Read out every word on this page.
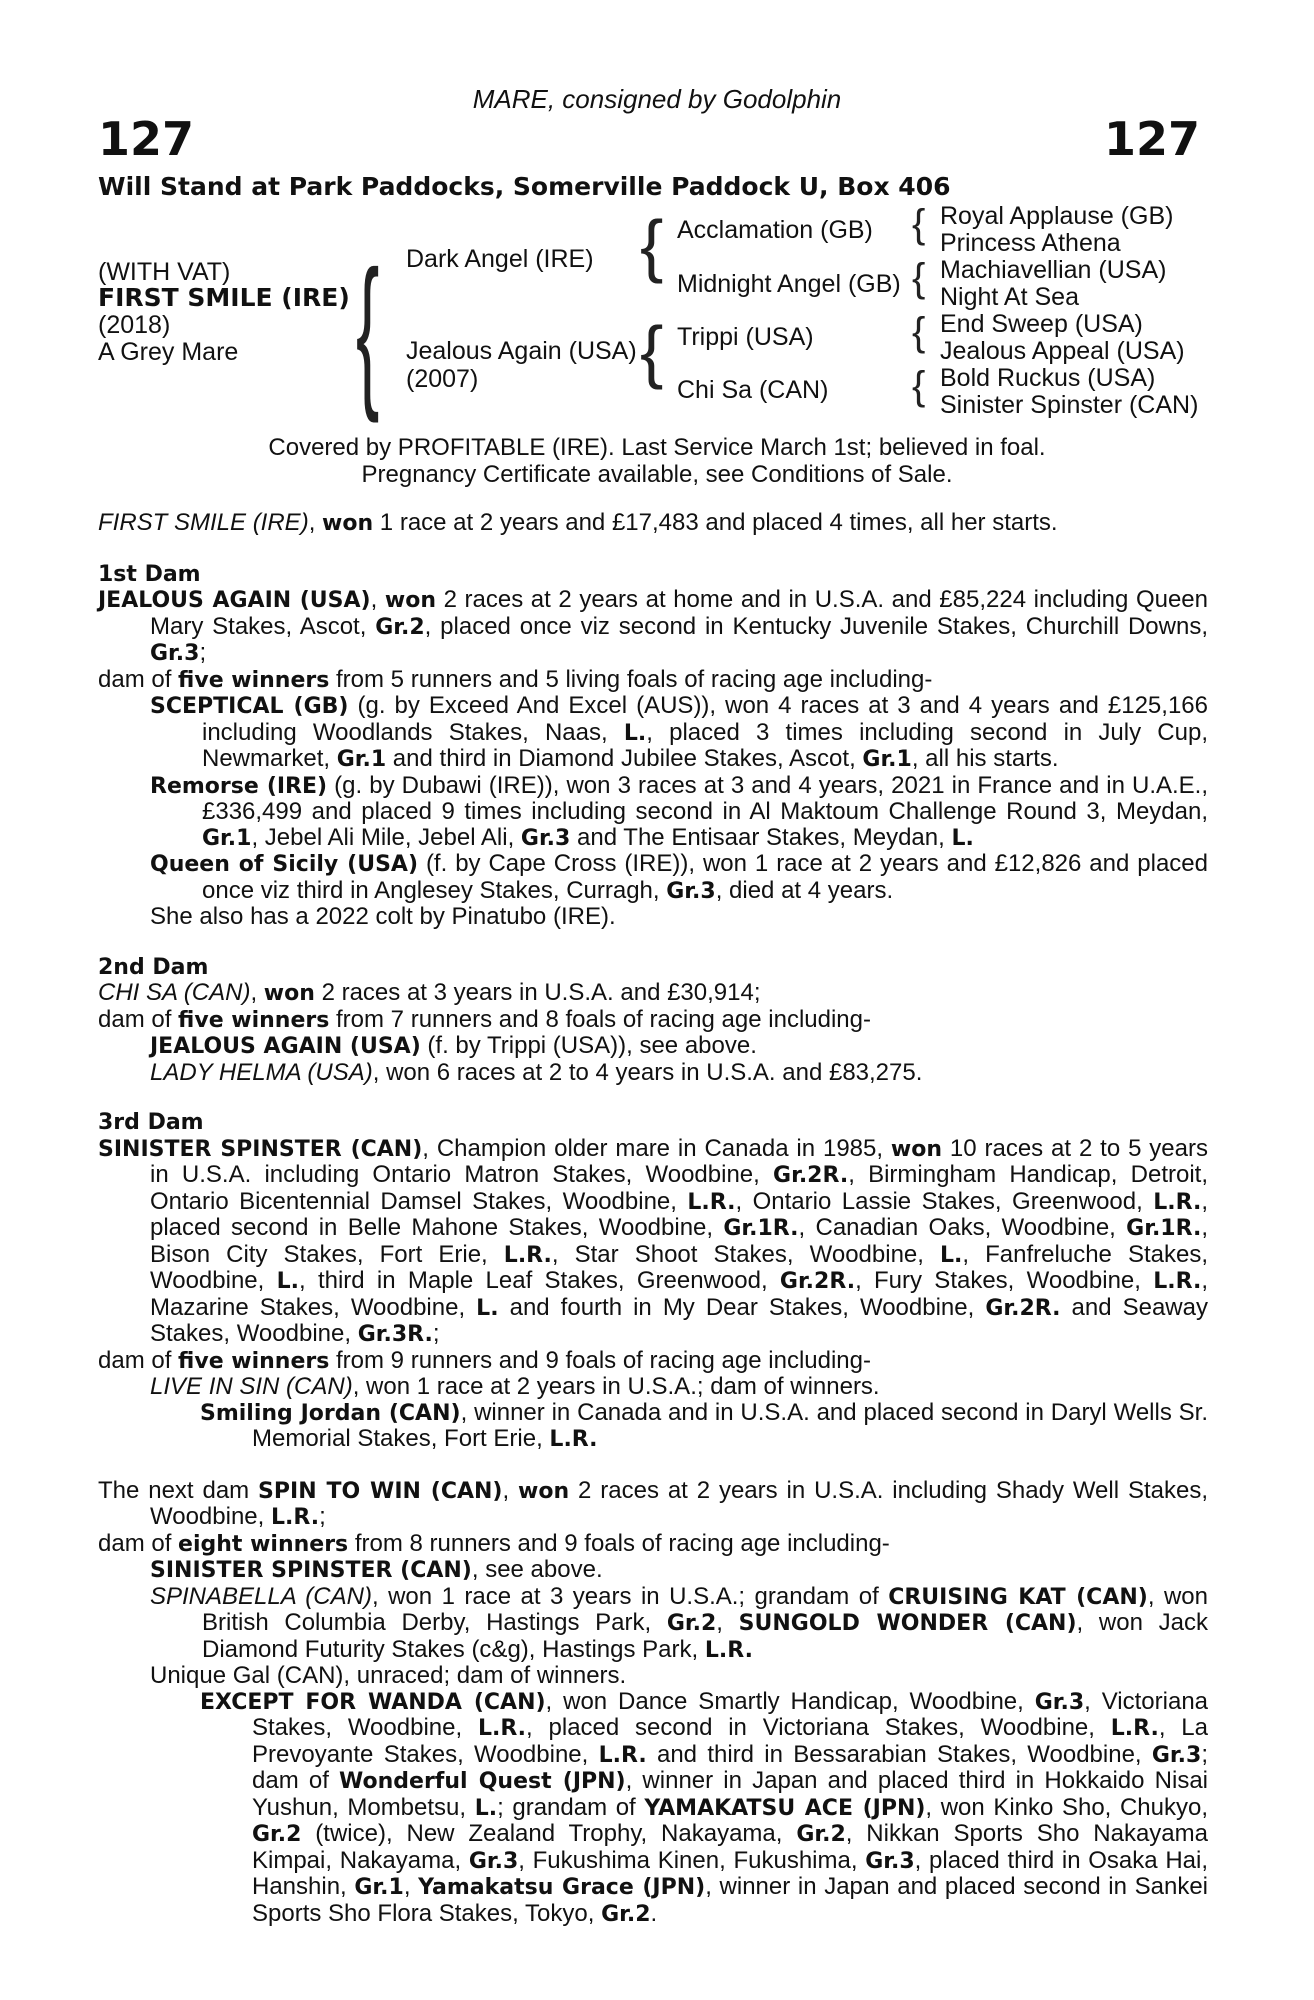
127	127
MARE, consigned by Godolphin
Will Stand at Park Paddocks, Somerville Paddock U, Box 406
(WITH VAT)
FIRST SMILE (IRE)
(2018)
A Grey Mare { Dark Angel (IRE)
Jealous Again (USA)
(2007)
{
{
Acclamation (GB)
Midnight Angel (GB)
Trippi (USA)
Chi Sa (CAN)
{
{
{
{
Royal Applause (GB)
Princess Athena
Machiavellian (USA)
Night At Sea
End Sweep (USA)
Jealous Appeal (USA)
Bold Ruckus (USA)
Sinister Spinster (CAN)
Covered by PROFITABLE (IRE). Last Service March 1st; believed in foal.
Pregnancy Certificate available, see Conditions of Sale.

FIRST SMILE (IRE), won 1 race at 2 years and £17,483 and placed 4 times, all her starts.

1st Dam

JEALOUS AGAIN (USA), won 2 races at 2 years at home and in U.S.A. and £85,224 including Queen Mary Stakes, Ascot, Gr.2, placed once viz second in Kentucky Juvenile Stakes, Churchill Downs, Gr.3;

dam of five winners from 5 runners and 5 living foals of racing age including-

SCEPTICAL (GB) (g. by Exceed And Excel (AUS)), won 4 races at 3 and 4 years and £125,166 including Woodlands Stakes, Naas, L., placed 3 times including second in July Cup, Newmarket, Gr.1 and third in Diamond Jubilee Stakes, Ascot, Gr.1, all his starts.

Remorse (IRE) (g. by Dubawi (IRE)), won 3 races at 3 and 4 years, 2021 in France and in U.A.E., £336,499 and placed 9 times including second in Al Maktoum Challenge Round 3, Meydan, Gr.1, Jebel Ali Mile, Jebel Ali, Gr.3 and The Entisaar Stakes, Meydan, L.

Queen of Sicily (USA) (f. by Cape Cross (IRE)), won 1 race at 2 years and £12,826 and placed once viz third in Anglesey Stakes, Curragh, Gr.3, died at 4 years.

She also has a 2022 colt by Pinatubo (IRE).

2nd Dam

CHI SA (CAN), won 2 races at 3 years in U.S.A. and £30,914;

dam of five winners from 7 runners and 8 foals of racing age including-

JEALOUS AGAIN (USA) (f. by Trippi (USA)), see above.

LADY HELMA (USA), won 6 races at 2 to 4 years in U.S.A. and £83,275.

3rd Dam

SINISTER SPINSTER (CAN), Champion older mare in Canada in 1985, won 10 races at 2 to 5 years in U.S.A. including Ontario Matron Stakes, Woodbine, Gr.2R., Birmingham Handicap, Detroit, Ontario Bicentennial Damsel Stakes, Woodbine, L.R., Ontario Lassie Stakes, Greenwood, L.R., placed second in Belle Mahone Stakes, Woodbine, Gr.1R., Canadian Oaks, Woodbine, Gr.1R., Bison City Stakes, Fort Erie, L.R., Star Shoot Stakes, Woodbine, L., Fanfreluche Stakes, Woodbine, L., third in Maple Leaf Stakes, Greenwood, Gr.2R., Fury Stakes, Woodbine, L.R., Mazarine Stakes, Woodbine, L. and fourth in My Dear Stakes, Woodbine, Gr.2R. and Seaway Stakes, Woodbine, Gr.3R.;

dam of five winners from 9 runners and 9 foals of racing age including-

LIVE IN SIN (CAN), won 1 race at 2 years in U.S.A.; dam of winners.

Smiling Jordan (CAN), winner in Canada and in U.S.A. and placed second in Daryl Wells Sr. Memorial Stakes, Fort Erie, L.R.

The next dam SPIN TO WIN (CAN), won 2 races at 2 years in U.S.A. including Shady Well Stakes, Woodbine, L.R.;

dam of eight winners from 8 runners and 9 foals of racing age including-

SINISTER SPINSTER (CAN), see above.

SPINABELLA (CAN), won 1 race at 3 years in U.S.A.; grandam of CRUISING KAT (CAN), won British Columbia Derby, Hastings Park, Gr.2, SUNGOLD WONDER (CAN), won Jack Diamond Futurity Stakes (c&g), Hastings Park, L.R.

Unique Gal (CAN), unraced; dam of winners.

EXCEPT FOR WANDA (CAN), won Dance Smartly Handicap, Woodbine, Gr.3, Victoriana Stakes, Woodbine, L.R., placed second in Victoriana Stakes, Woodbine, L.R., La Prevoyante Stakes, Woodbine, L.R. and third in Bessarabian Stakes, Woodbine, Gr.3; dam of Wonderful Quest (JPN), winner in Japan and placed third in Hokkaido Nisai Yushun, Mombetsu, L.; grandam of YAMAKATSU ACE (JPN), won Kinko Sho, Chukyo, Gr.2 (twice), New Zealand Trophy, Nakayama, Gr.2, Nikkan Sports Sho Nakayama Kimpai, Nakayama, Gr.3, Fukushima Kinen, Fukushima, Gr.3, placed third in Osaka Hai, Hanshin, Gr.1, Yamakatsu Grace (JPN), winner in Japan and placed second in Sankei Sports Sho Flora Stakes, Tokyo, Gr.2.
